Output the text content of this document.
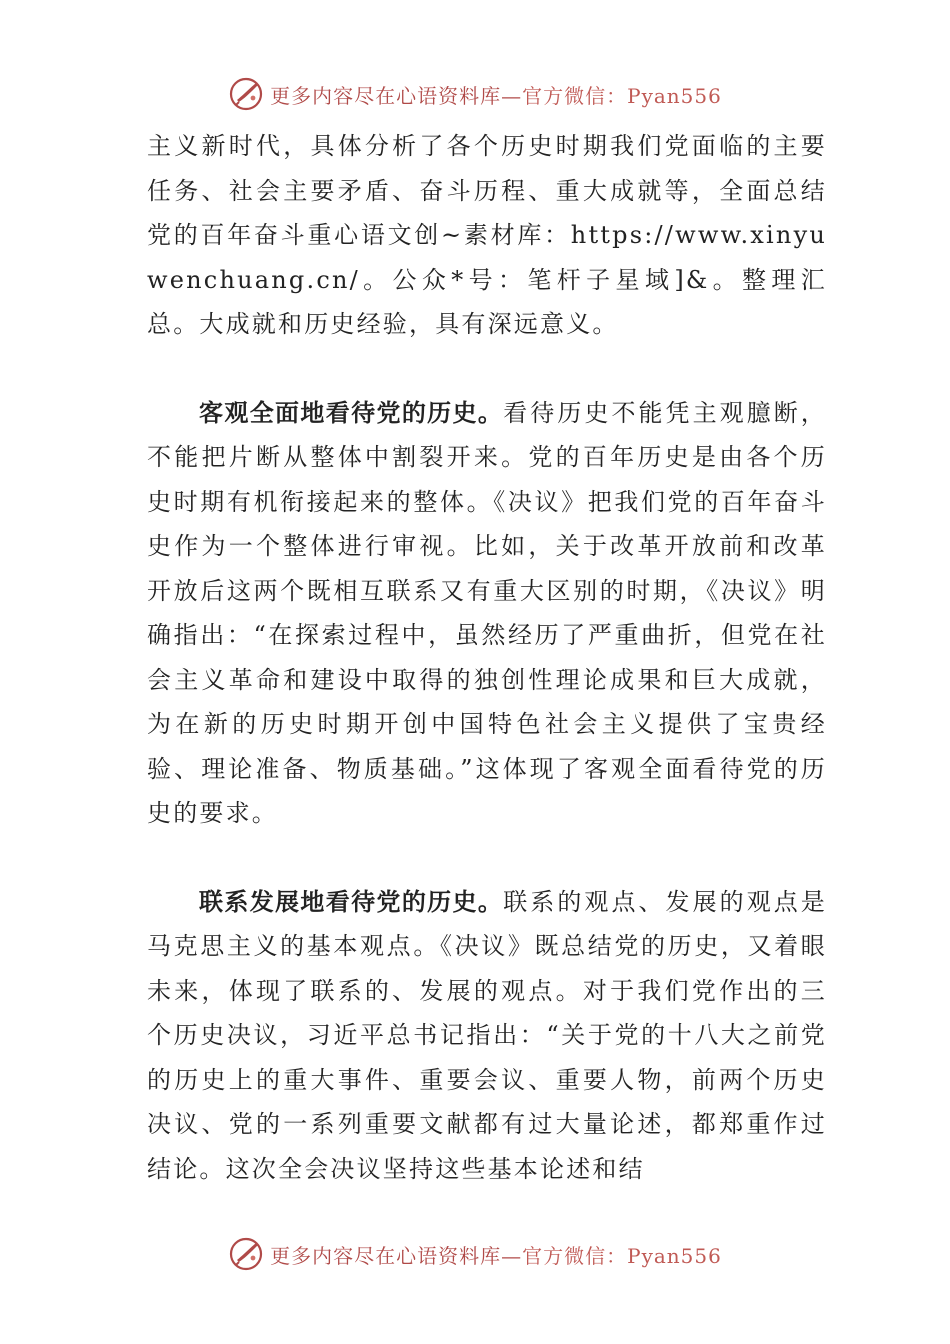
更多内容尽在心语资料库—官方微信：Pyan556

主义新时代，具体分析了各个历史时期我们党面临的主要任务、社会主要矛盾、奋斗历程、重大成就等，全面总结党的百年奋斗重心语文创~素材库：https://www.xinyuwenchuang.cn/。公众*号：笔杆子星域]&。整理汇总。大成就和历史经验，具有深远意义。

客观全面地看待党的历史。看待历史不能凭主观臆断，不能把片断从整体中割裂开来。党的百年历史是由各个历史时期有机衔接起来的整体。《决议》把我们党的百年奋斗史作为一个整体进行审视。比如，关于改革开放前和改革开放后这两个既相互联系又有重大区别的时期，《决议》明确指出：“在探索过程中，虽然经历了严重曲折，但党在社会主义革命和建设中取得的独创性理论成果和巨大成就，为在新的历史时期开创中国特色社会主义提供了宝贵经验、理论准备、物质基础。”这体现了客观全面看待党的历史的要求。

联系发展地看待党的历史。联系的观点、发展的观点是马克思主义的基本观点。《决议》既总结党的历史，又着眼未来，体现了联系的、发展的观点。对于我们党作出的三个历史决议，习近平总书记指出：“关于党的十八大之前党的历史上的重大事件、重要会议、重要人物，前两个历史决议、党的一系列重要文献都有过大量论述，都郑重作过结论。这次全会决议坚持这些基本论述和结

更多内容尽在心语资料库—官方微信：Pyan556
